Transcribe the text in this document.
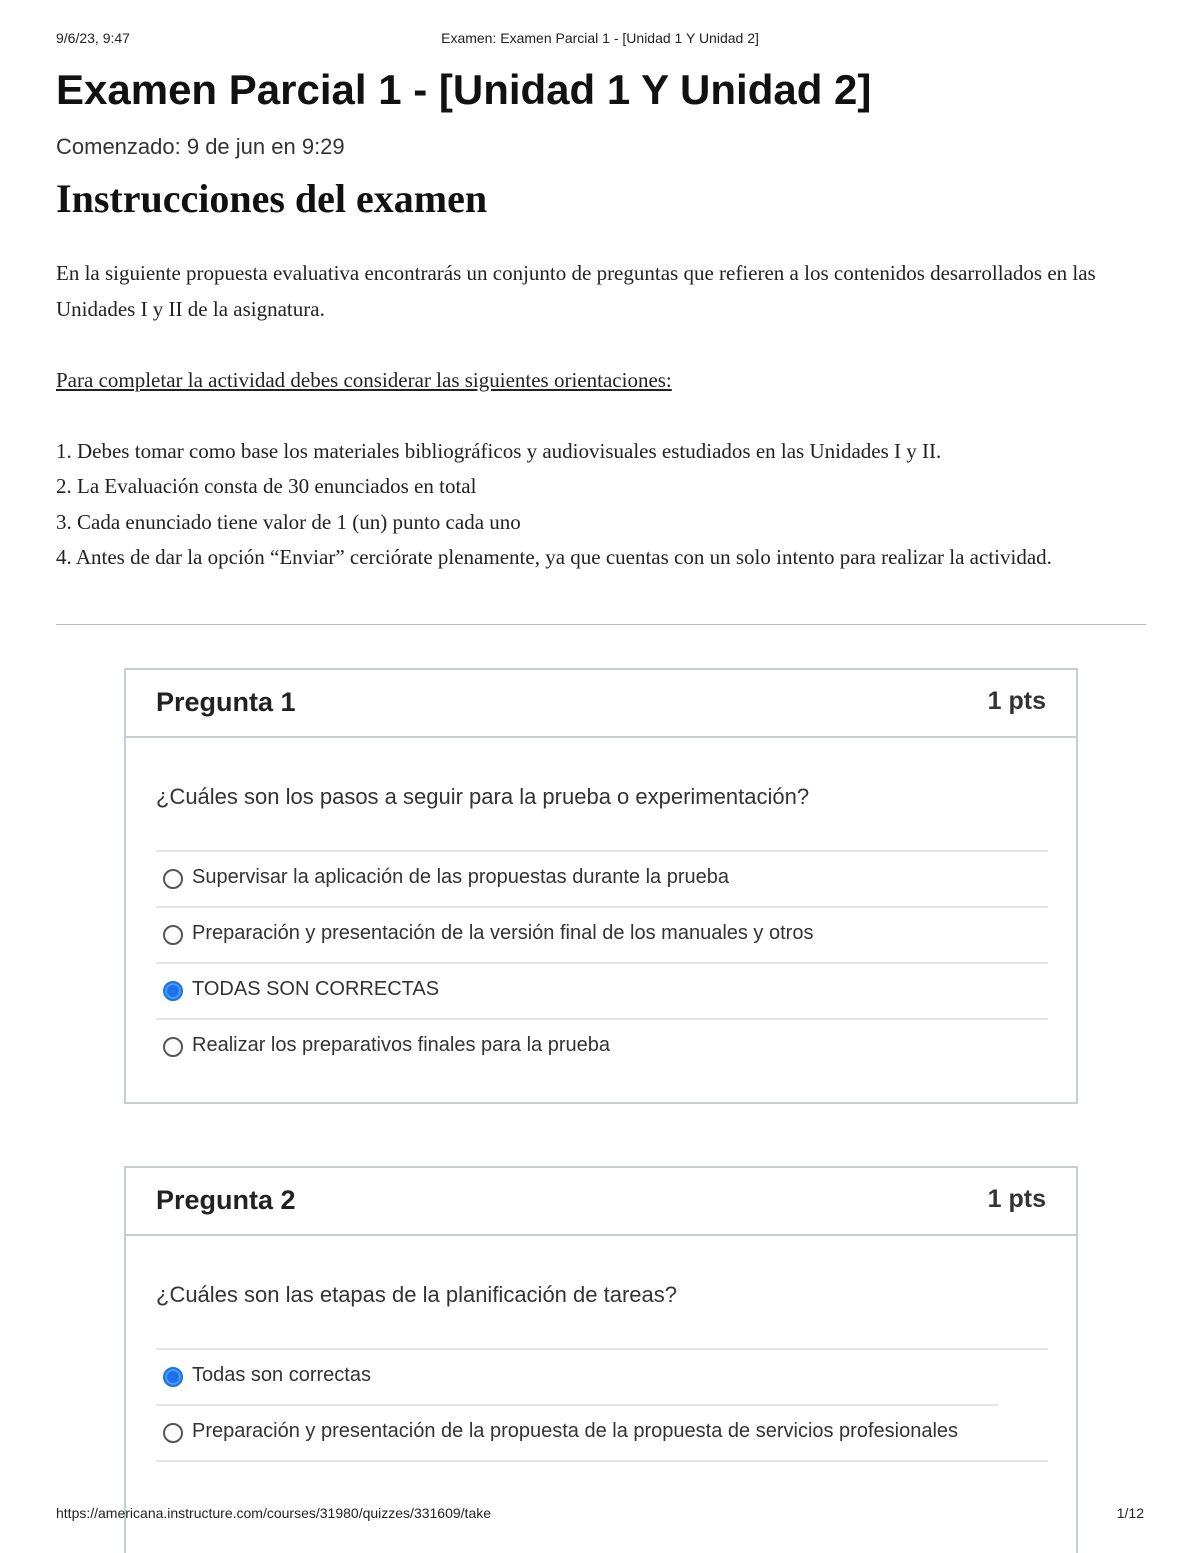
9/6/23, 9:47	Examen: Examen Parcial 1 - [Unidad 1 Y Unidad 2]
Examen Parcial 1 - [Unidad 1 Y Unidad 2]
Comenzado: 9 de jun en 9:29
Instrucciones del examen

En la siguiente propuesta evaluativa encontrarás un conjunto de preguntas que refieren a los contenidos desarrollados en las Unidades I y II de la asignatura.

Para completar la actividad debes considerar las siguientes orientaciones:

1. Debes tomar como base los materiales bibliográficos y audiovisuales estudiados en las Unidades I y II.

2. La Evaluación consta de 30 enunciados en total

3. Cada enunciado tiene valor de 1 (un) punto cada uno

4. Antes de dar la opción “Enviar” cerciórate plenamente, ya que cuentas con un solo intento para realizar la actividad.

Pregunta 1	1 pts
¿Cuáles son los pasos a seguir para la prueba o experimentación?
Supervisar la aplicación de las propuestas durante la prueba
Preparación y presentación de la versión final de los manuales y otros
TODAS SON CORRECTAS
Realizar los preparativos finales para la prueba
Pregunta 2	1 pts
¿Cuáles son las etapas de la planificación de tareas?
Todas son correctas
Preparación y presentación de la propuesta de la propuesta de servicios profesionales
https://americana.instructure.com/courses/31980/quizzes/331609/take	1/12
